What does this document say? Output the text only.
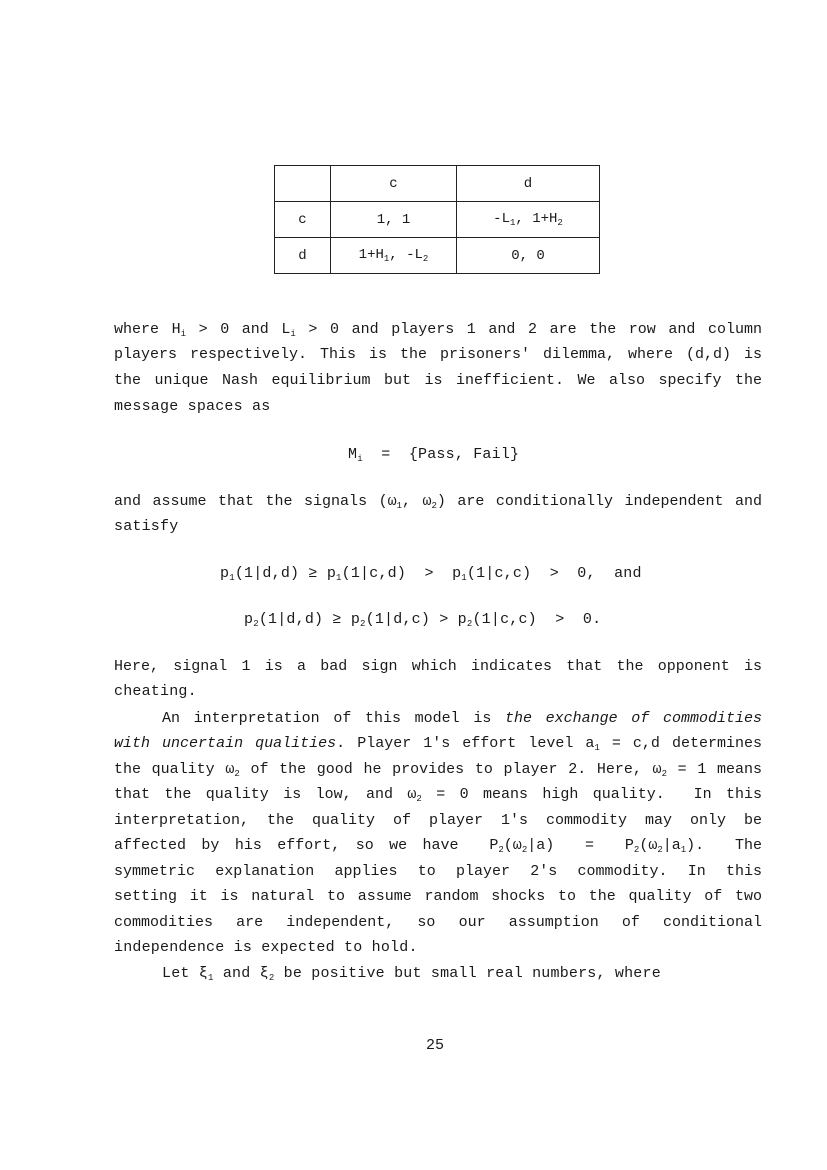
	c	d
c	1, 1	$-L_1$, $1+H_2$
d	$1+H_1$, $-L_2$	0, 0
where $H_i > 0$ and $L_i > 0$ and players 1 and 2 are the row and column
players respectively. This is the prisoners' dilemma, where (d,d) is
the unique Nash equilibrium but is inefficient. We also specify the
message spaces as
$M_i$  =  {Pass, Fail}
and assume that the signals ($\omega_1$, $\omega_2$) are conditionally independent and
satisfy
$p_1(1|d,d) \ge p_1(1|c,d) > p_1(1|c,c) > 0$,  and
$p_2(1|d,d) \ge p_2(1|d,c) > p_2(1|c,c) > 0$.
Here, signal 1 is a bad sign which indicates that the opponent is
cheating.
An interpretation of this model is the exchange of commodities
with uncertain qualities. Player 1's effort level $a_1 = c,d$ determines
the quality $\omega_2$ of the good he provides to player 2. Here, $\omega_2 = 1$ means
that the quality is low, and $\omega_2 = 0$ means high quality.  In this
interpretation, the quality of player 1's commodity may only be
affected by his effort, so we have  $P_2(\omega_2|a) = P_2(\omega_2|a_1)$.  The
symmetric explanation applies to player 2's commodity. In this
setting it is natural to assume random shocks to the quality of two
commodities are independent, so our assumption of conditional
independence is expected to hold.
Let $\xi_1$ and $\xi_2$ be positive but small real numbers, where
25
